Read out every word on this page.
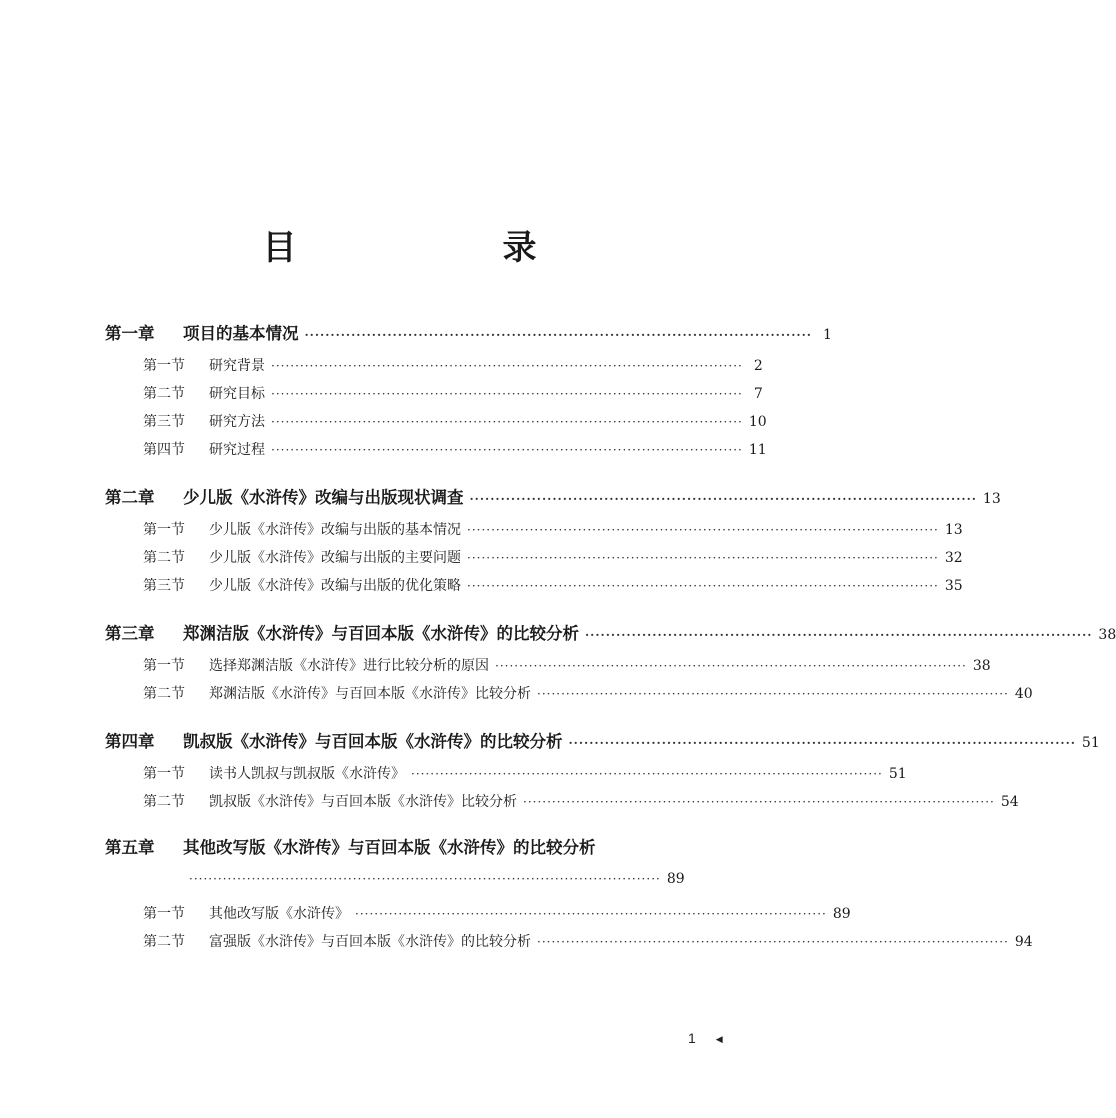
目　　录
第一章 项目的基本情况 ·································································································· 1
第一节 研究背景 ·································································································· 2
第二节 研究目标 ·································································································· 7
第三节 研究方法 ·································································································· 10
第四节 研究过程 ·································································································· 11
第二章 少儿版《水浒传》改编与出版现状调查 ·································································································· 13
第一节 少儿版《水浒传》改编与出版的基本情况 ·································································································· 13
第二节 少儿版《水浒传》改编与出版的主要问题 ·································································································· 32
第三节 少儿版《水浒传》改编与出版的优化策略 ·································································································· 35
第三章 郑渊洁版《水浒传》与百回本版《水浒传》的比较分析 ·································································································· 38
第一节 选择郑渊洁版《水浒传》进行比较分析的原因 ·································································································· 38
第二节 郑渊洁版《水浒传》与百回本版《水浒传》比较分析 ·································································································· 40
第四章 凯叔版《水浒传》与百回本版《水浒传》的比较分析 ·································································································· 51
第一节 读书人凯叔与凯叔版《水浒传》 ·································································································· 51
第二节 凯叔版《水浒传》与百回本版《水浒传》比较分析 ·································································································· 54
第五章 其他改写版《水浒传》与百回本版《水浒传》的比较分析
·································································································· 89
第一节 其他改写版《水浒传》 ·································································································· 89
第二节 富强版《水浒传》与百回本版《水浒传》的比较分析 ·································································································· 94
1 ◀
